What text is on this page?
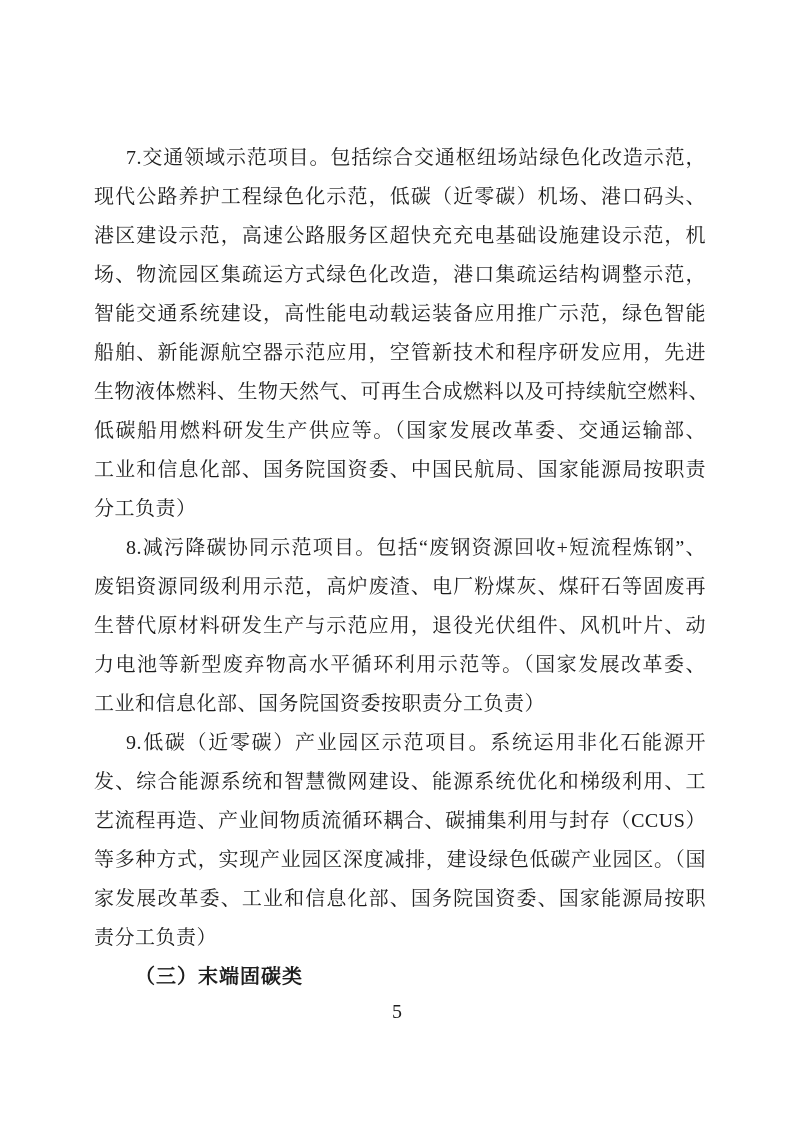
7.交通领域示范项目。包括综合交通枢纽场站绿色化改造示范，
现代公路养护工程绿色化示范，低碳（近零碳）机场、港口码头、
港区建设示范，高速公路服务区超快充充电基础设施建设示范，机
场、物流园区集疏运方式绿色化改造，港口集疏运结构调整示范，
智能交通系统建设，高性能电动载运装备应用推广示范，绿色智能
船舶、新能源航空器示范应用，空管新技术和程序研发应用，先进
生物液体燃料、生物天然气、可再生合成燃料以及可持续航空燃料、
低碳船用燃料研发生产供应等。（国家发展改革委、交通运输部、
工业和信息化部、国务院国资委、中国民航局、国家能源局按职责
分工负责）
8.减污降碳协同示范项目。包括“废钢资源回收+短流程炼钢”、
废铝资源同级利用示范，高炉废渣、电厂粉煤灰、煤矸石等固废再
生替代原材料研发生产与示范应用，退役光伏组件、风机叶片、动
力电池等新型废弃物高水平循环利用示范等。（国家发展改革委、
工业和信息化部、国务院国资委按职责分工负责）
9.低碳（近零碳）产业园区示范项目。系统运用非化石能源开
发、综合能源系统和智慧微网建设、能源系统优化和梯级利用、工
艺流程再造、产业间物质流循环耦合、碳捕集利用与封存（CCUS）
等多种方式，实现产业园区深度减排，建设绿色低碳产业园区。（国
家发展改革委、工业和信息化部、国务院国资委、国家能源局按职
责分工负责）
（三）末端固碳类
5
